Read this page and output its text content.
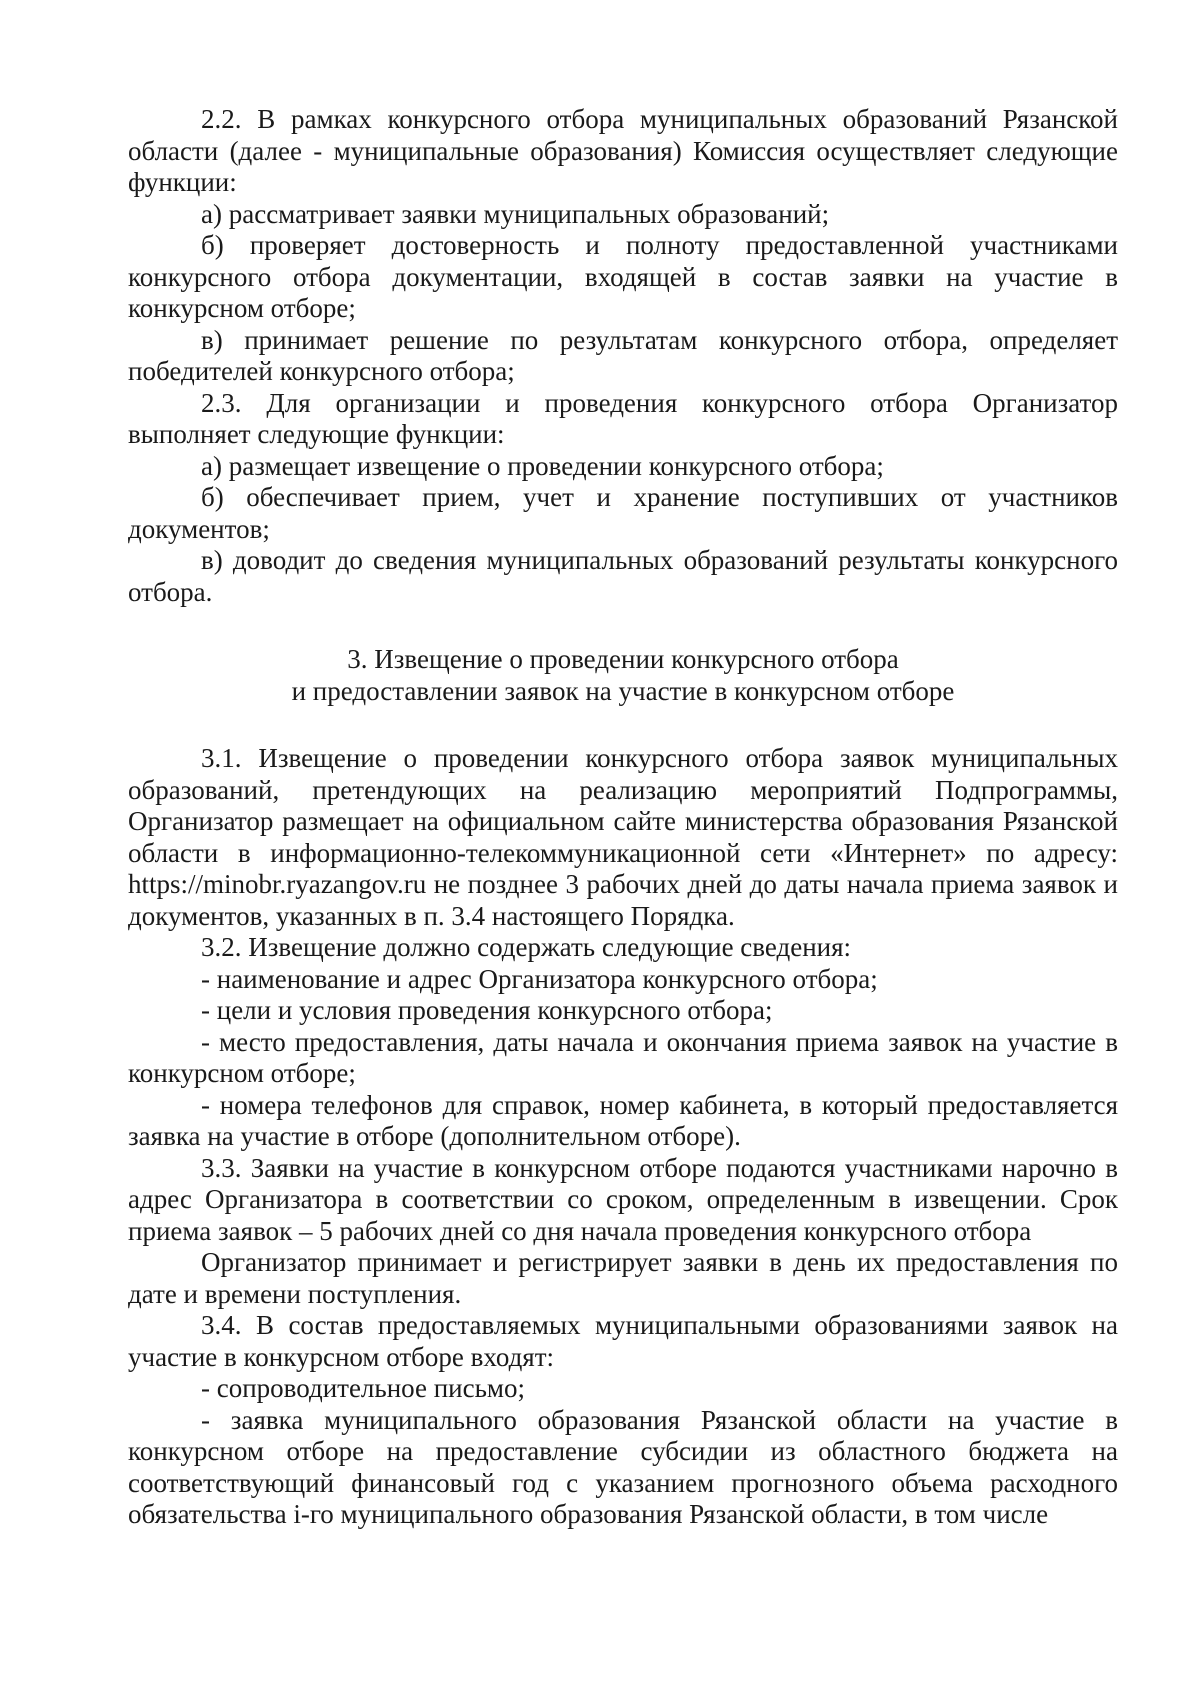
2.2. В рамках конкурсного отбора муниципальных образований Рязанской области (далее - муниципальные образования) Комиссия осуществляет следующие функции:

а) рассматривает заявки муниципальных образований;

б) проверяет достоверность и полноту предоставленной участниками конкурсного отбора документации, входящей в состав заявки на участие в конкурсном отборе;

в) принимает решение по результатам конкурсного отбора, определяет победителей конкурсного отбора;

2.3. Для организации и проведения конкурсного отбора Организатор выполняет следующие функции:

а) размещает извещение о проведении конкурсного отбора;

б) обеспечивает прием, учет и хранение поступивших от участников документов;

в) доводит до сведения муниципальных образований результаты конкурсного отбора.

3. Извещение о проведении конкурсного отбора
и предоставлении заявок на участие в конкурсном отборе

3.1. Извещение о проведении конкурсного отбора заявок муниципальных образований, претендующих на реализацию мероприятий Подпрограммы, Организатор размещает на официальном сайте министерства образования Рязанской области в информационно-телекоммуникационной сети «Интернет» по адресу: https://minobr.ryazangov.ru не позднее 3 рабочих дней до даты начала приема заявок и документов, указанных в п. 3.4 настоящего Порядка.

3.2. Извещение должно содержать следующие сведения:

- наименование и адрес Организатора конкурсного отбора;

- цели и условия проведения конкурсного отбора;

- место предоставления, даты начала и окончания приема заявок на участие в конкурсном отборе;

- номера телефонов для справок, номер кабинета, в который предоставляется заявка на участие в отборе (дополнительном отборе).

3.3. Заявки на участие в конкурсном отборе подаются участниками нарочно в адрес Организатора в соответствии со сроком, определенным в извещении. Срок приема заявок – 5 рабочих дней со дня начала проведения конкурсного отбора

Организатор принимает и регистрирует заявки в день их предоставления по дате и времени поступления.

3.4. В состав предоставляемых муниципальными образованиями заявок на участие в конкурсном отборе входят:

- сопроводительное письмо;

- заявка муниципального образования Рязанской области на участие в конкурсном отборе на предоставление субсидии из областного бюджета на соответствующий финансовый год с указанием прогнозного объема расходного обязательства i-го муниципального образования Рязанской области, в том числе
